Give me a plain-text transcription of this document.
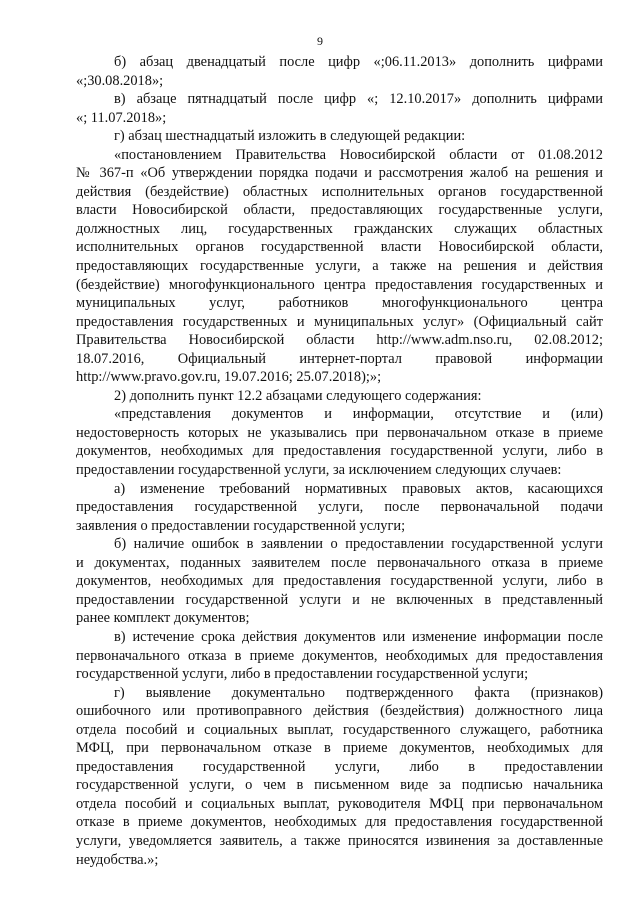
9
б) абзац двенадцатый после цифр «;06.11.2013» дополнить цифрами
«;30.08.2018»;
в) абзаце пятнадцатый после цифр «; 12.10.2017» дополнить цифрами
«; 11.07.2018»;
г) абзац шестнадцатый изложить в следующей редакции:
«постановлением Правительства Новосибирской области от 01.08.2012
№ 367-п «Об утверждении порядка подачи и рассмотрения жалоб на решения и
действия (бездействие) областных исполнительных органов государственной
власти Новосибирской области, предоставляющих государственные услуги,
должностных лиц, государственных гражданских служащих областных
исполнительных органов государственной власти Новосибирской области,
предоставляющих государственные услуги, а также на решения и действия
(бездействие) многофункционального центра предоставления государственных и
муниципальных услуг, работников многофункционального центра
предоставления государственных и муниципальных услуг» (Официальный сайт
Правительства Новосибирской области http://www.adm.nso.ru, 02.08.2012;
18.07.2016, Официальный интернет-портал правовой информации
http://www.pravo.gov.ru, 19.07.2016; 25.07.2018);»;
2) дополнить пункт 12.2 абзацами следующего содержания:
«представления документов и информации, отсутствие и (или)
недостоверность которых не указывались при первоначальном отказе в приеме
документов, необходимых для предоставления государственной услуги, либо в
предоставлении государственной услуги, за исключением следующих случаев:
а) изменение требований нормативных правовых актов, касающихся
предоставления государственной услуги, после первоначальной подачи
заявления о предоставлении государственной услуги;
б) наличие ошибок в заявлении о предоставлении государственной услуги
и документах, поданных заявителем после первоначального отказа в приеме
документов, необходимых для предоставления государственной услуги, либо в
предоставлении государственной услуги и не включенных в представленный
ранее комплект документов;
в) истечение срока действия документов или изменение информации после
первоначального отказа в приеме документов, необходимых для предоставления
государственной услуги, либо в предоставлении государственной услуги;
г) выявление документально подтвержденного факта (признаков)
ошибочного или противоправного действия (бездействия) должностного лица
отдела пособий и социальных выплат, государственного служащего, работника
МФЦ, при первоначальном отказе в приеме документов, необходимых для
предоставления государственной услуги, либо в предоставлении
государственной услуги, о чем в письменном виде за подписью начальника
отдела пособий и социальных выплат, руководителя МФЦ при первоначальном
отказе в приеме документов, необходимых для предоставления государственной
услуги, уведомляется заявитель, а также приносятся извинения за доставленные
неудобства.»;
